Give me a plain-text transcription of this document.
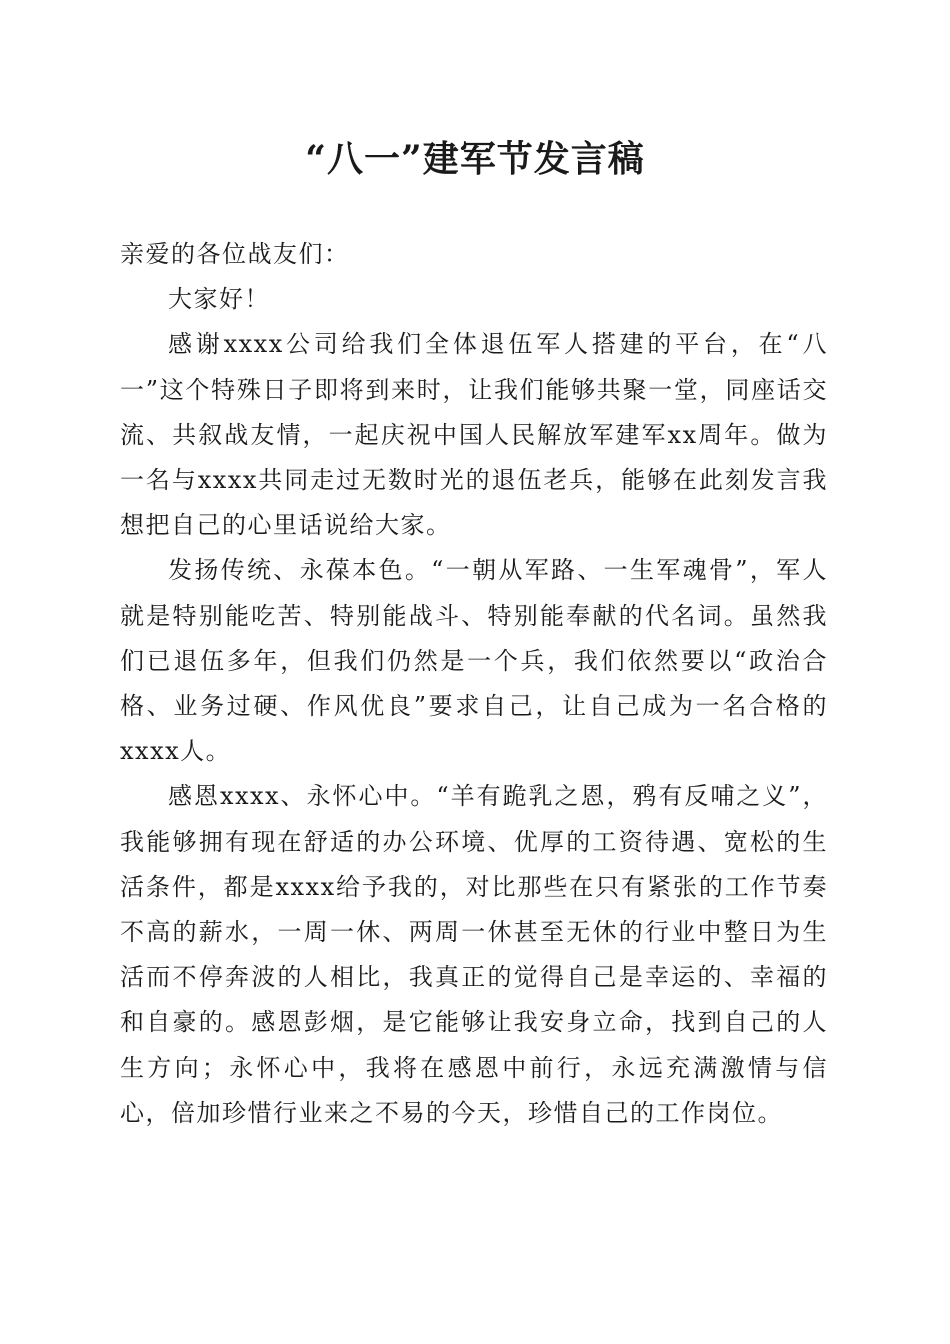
“八一”建军节发言稿

亲爱的各位战友们：

大家好！

感谢xxxx公司给我们全体退伍军人搭建的平台，在“八一”这个特殊日子即将到来时，让我们能够共聚一堂，同座话交流、共叙战友情，一起庆祝中国人民解放军建军xx周年。做为一名与xxxx共同走过无数时光的退伍老兵，能够在此刻发言我想把自己的心里话说给大家。

发扬传统、永葆本色。“一朝从军路、一生军魂骨”，军人就是特别能吃苦、特别能战斗、特别能奉献的代名词。虽然我们已退伍多年，但我们仍然是一个兵，我们依然要以“政治合格、业务过硬、作风优良”要求自己，让自己成为一名合格的xxxx人。

感恩xxxx、永怀心中。“羊有跪乳之恩，鸦有反哺之义”，我能够拥有现在舒适的办公环境、优厚的工资待遇、宽松的生活条件，都是xxxx给予我的，对比那些在只有紧张的工作节奏不高的薪水，一周一休、两周一休甚至无休的行业中整日为生活而不停奔波的人相比，我真正的觉得自己是幸运的、幸福的和自豪的。感恩彭烟，是它能够让我安身立命，找到自己的人生方向；永怀心中，我将在感恩中前行，永远充满激情与信心，倍加珍惜行业来之不易的今天，珍惜自己的工作岗位。
